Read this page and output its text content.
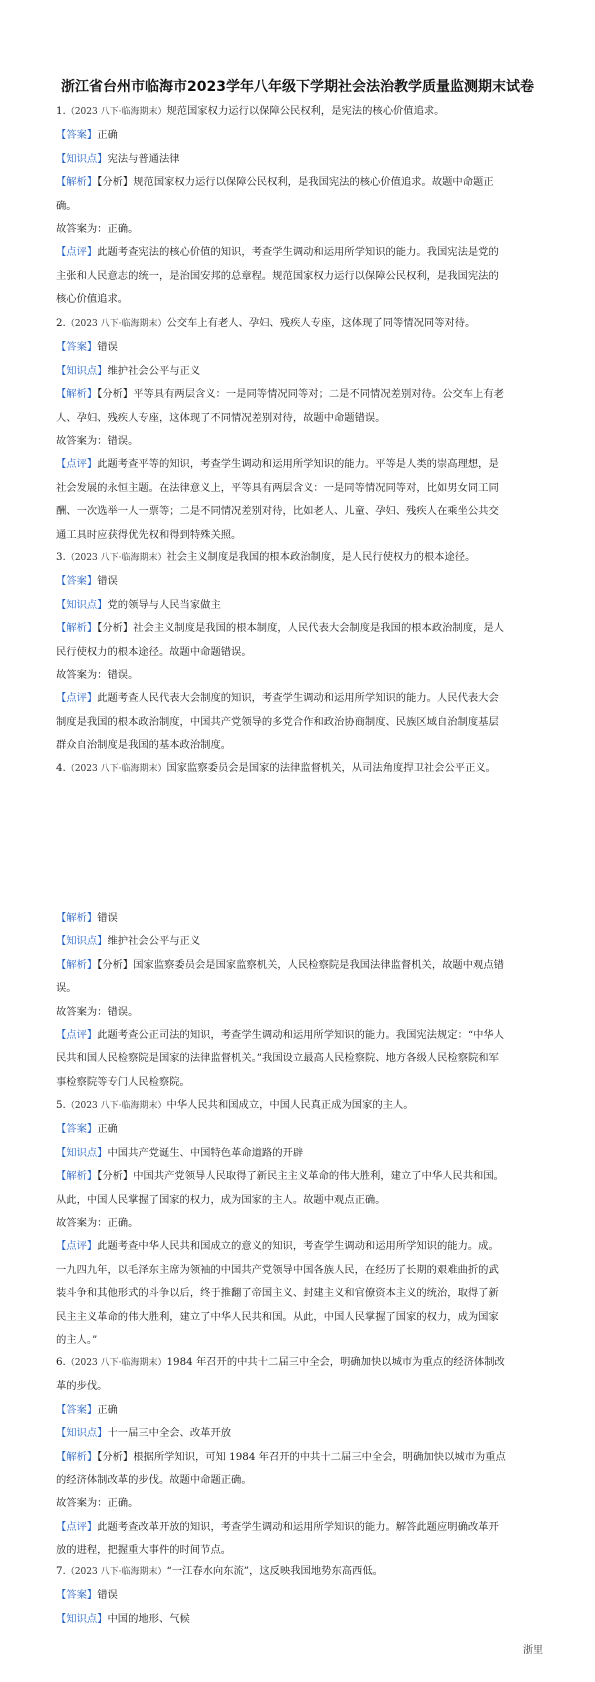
浙江省台州市临海市2023学年八年级下学期社会法治教学质量监测期末试卷
1.（2023 八下·临海期末）规范国家权力运行以保障公民权利，是宪法的核心价值追求。
【答案】正确
【知识点】宪法与普通法律
【解析】【分析】规范国家权力运行以保障公民权利，是我国宪法的核心价值追求。故题中命题正
确。
故答案为：正确。
【点评】此题考查宪法的核心价值的知识，考查学生调动和运用所学知识的能力。我国宪法是党的
主张和人民意志的统一，是治国安邦的总章程。规范国家权力运行以保障公民权利，是我国宪法的
核心价值追求。
2.（2023 八下·临海期末）公交车上有老人、孕妇、残疾人专座，这体现了同等情况同等对待。
【答案】错误
【知识点】维护社会公平与正义
【解析】【分析】平等具有两层含义：一是同等情况同等对；二是不同情况差别对待。公交车上有老
人、孕妇、残疾人专座，这体现了不同情况差别对待，故题中命题错误。
故答案为：错误。
【点评】此题考查平等的知识，考查学生调动和运用所学知识的能力。平等是人类的崇高理想，是
社会发展的永恒主题。在法律意义上，平等具有两层含义：一是同等情况同等对，比如男女同工同
酬、一次选举一人一票等；二是不同情况差别对待，比如老人、儿童、孕妇、残疾人在乘坐公共交
通工具时应获得优先权和得到特殊关照。
3.（2023 八下·临海期末）社会主义制度是我国的根本政治制度，是人民行使权力的根本途径。
【答案】错误
【知识点】党的领导与人民当家做主
【解析】【分析】社会主义制度是我国的根本制度，人民代表大会制度是我国的根本政治制度，是人
民行使权力的根本途径。故题中命题错误。
故答案为：错误。
【点评】此题考查人民代表大会制度的知识，考查学生调动和运用所学知识的能力。人民代表大会
制度是我国的根本政治制度，中国共产党领导的多党合作和政治协商制度、民族区域自治制度基层
群众自治制度是我国的基本政治制度。
4.（2023 八下·临海期末）国家监察委员会是国家的法律监督机关，从司法角度捍卫社会公平正义。
【解析】错误
【知识点】维护社会公平与正义
【解析】【分析】国家监察委员会是国家监察机关，人民检察院是我国法律监督机关，故题中观点错
误。
故答案为：错误。
【点评】此题考查公正司法的知识，考查学生调动和运用所学知识的能力。我国宪法规定：“中华人
民共和国人民检察院是国家的法律监督机关。”我国设立最高人民检察院、地方各级人民检察院和军
事检察院等专门人民检察院。
5.（2023 八下·临海期末）中华人民共和国成立，中国人民真正成为国家的主人。
【答案】正确
【知识点】中国共产党诞生、中国特色革命道路的开辟
【解析】【分析】中国共产党领导人民取得了新民主主义革命的伟大胜利，建立了中华人民共和国。
从此，中国人民掌握了国家的权力，成为国家的主人。故题中观点正确。
故答案为：正确。
【点评】此题考查中华人民共和国成立的意义的知识，考查学生调动和运用所学知识的能力。成。
一九四九年，以毛泽东主席为领袖的中国共产党领导中国各族人民，在经历了长期的艰难曲折的武
装斗争和其他形式的斗争以后，终于推翻了帝国主义、封建主义和官僚资本主义的统治，取得了新
民主主义革命的伟大胜利，建立了中华人民共和国。从此，中国人民掌握了国家的权力，成为国家
的主人。”
6.（2023 八下·临海期末）1984 年召开的中共十二届三中全会，明确加快以城市为重点的经济体制改
革的步伐。
【答案】正确
【知识点】十一届三中全会、改革开放
【解析】【分析】根据所学知识，可知 1984 年召开的中共十二届三中全会，明确加快以城市为重点
的经济体制改革的步伐。故题中命题正确。
故答案为：正确。
【点评】此题考查改革开放的知识，考查学生调动和运用所学知识的能力。解答此题应明确改革开
放的进程，把握重大事件的时间节点。
7.（2023 八下·临海期末）“一江春水向东流”，这反映我国地势东高西低。
【答案】错误
【知识点】中国的地形、气候
浙里
